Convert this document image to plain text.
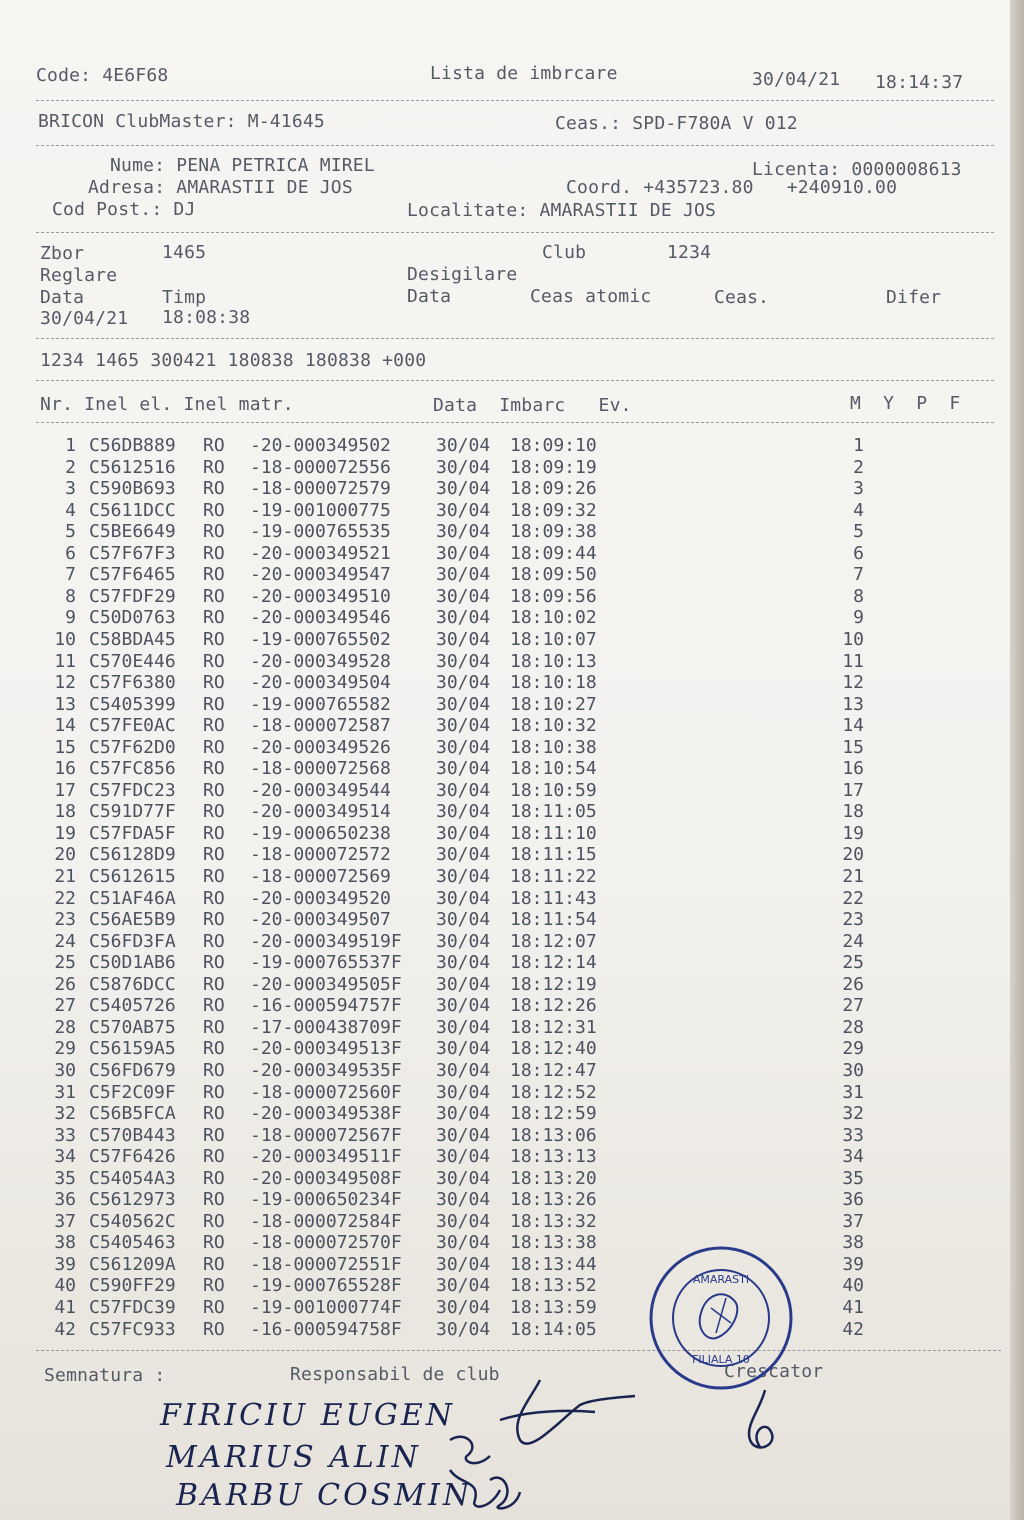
Code: 4E6F68	Lista de imbrcare	30/04/21 18:14:37
BRICON ClubMaster: M-41645	Ceas.: SPD-F780A V 012
Nume: PENA PETRICA MIREL	Licenta: 0000008613
Adresa: AMARASTII DE JOS	Coord. +435723.80   +240910.00
Cod Post.: DJ	Localitate: AMARASTII DE JOS
Zbor	1465	Club	1234
Reglare	Desigilare
Data	Timp	Data	Ceas atomic	Ceas.	Difer
30/04/21 18:08:38
1234 1465 300421 180838 180838 +000
Nr. Inel el. Inel matr.	Data  Imbarc   Ev.	M  Y  P  F
1 C56DB889 RO -20-000349502	30/04 18:09:10	1
2 C5612516 RO -18-000072556	30/04 18:09:19	2
3 C590B693 RO -18-000072579	30/04 18:09:26	3
4 C5611DCC RO -19-001000775	30/04 18:09:32	4
5 C5BE6649 RO -19-000765535	30/04 18:09:38	5
6 C57F67F3 RO -20-000349521	30/04 18:09:44	6
7 C57F6465 RO -20-000349547	30/04 18:09:50	7
8 C57FDF29 RO -20-000349510	30/04 18:09:56	8
9 C50D0763 RO -20-000349546	30/04 18:10:02	9
10 C58BDA45 RO -19-000765502	30/04 18:10:07	10
11 C570E446 RO -20-000349528	30/04 18:10:13	11
12 C57F6380 RO -20-000349504	30/04 18:10:18	12
13 C5405399 RO -19-000765582	30/04 18:10:27	13
14 C57FE0AC RO -18-000072587	30/04 18:10:32	14
15 C57F62D0 RO -20-000349526	30/04 18:10:38	15
16 C57FC856 RO -18-000072568	30/04 18:10:54	16
17 C57FDC23 RO -20-000349544	30/04 18:10:59	17
18 C591D77F RO -20-000349514	30/04 18:11:05	18
19 C57FDA5F RO -19-000650238	30/04 18:11:10	19
20 C56128D9 RO -18-000072572	30/04 18:11:15	20
21 C5612615 RO -18-000072569	30/04 18:11:22	21
22 C51AF46A RO -20-000349520	30/04 18:11:43	22
23 C56AE5B9 RO -20-000349507	30/04 18:11:54	23
24 C56FD3FA RO -20-000349519F 30/04 18:12:07	24
25 C50D1AB6 RO -19-000765537F 30/04 18:12:14	25
26 C5876DCC RO -20-000349505F 30/04 18:12:19	26
27 C5405726 RO -16-000594757F 30/04 18:12:26	27
28 C570AB75 RO -17-000438709F 30/04 18:12:31	28
29 C56159A5 RO -20-000349513F 30/04 18:12:40	29
30 C56FD679 RO -20-000349535F 30/04 18:12:47	30
31 C5F2C09F RO -18-000072560F 30/04 18:12:52	31
32 C56B5FCA RO -20-000349538F 30/04 18:12:59	32
33 C570B443 RO -18-000072567F 30/04 18:13:06	33
34 C57F6426 RO -20-000349511F 30/04 18:13:13	34
35 C54054A3 RO -20-000349508F 30/04 18:13:20	35
36 C5612973 RO -19-000650234F 30/04 18:13:26	36
37 C540562C RO -18-000072584F 30/04 18:13:32	37
38 C5405463 RO -18-000072570F 30/04 18:13:38	38
39 C561209A RO -18-000072551F 30/04 18:13:44	39
40 C590FF29 RO -19-000765528F 30/04 18:13:52	40
41 C57FDC39 RO -19-001000774F 30/04 18:13:59	41
42 C57FC933 RO -16-000594758F 30/04 18:14:05	42
Semnatura :	Responsabil de club	Crescator
FIRICIU EUGEN
MARIUS ALIN
BARBU COSMIN
AMARASTI
FILIALA 10
